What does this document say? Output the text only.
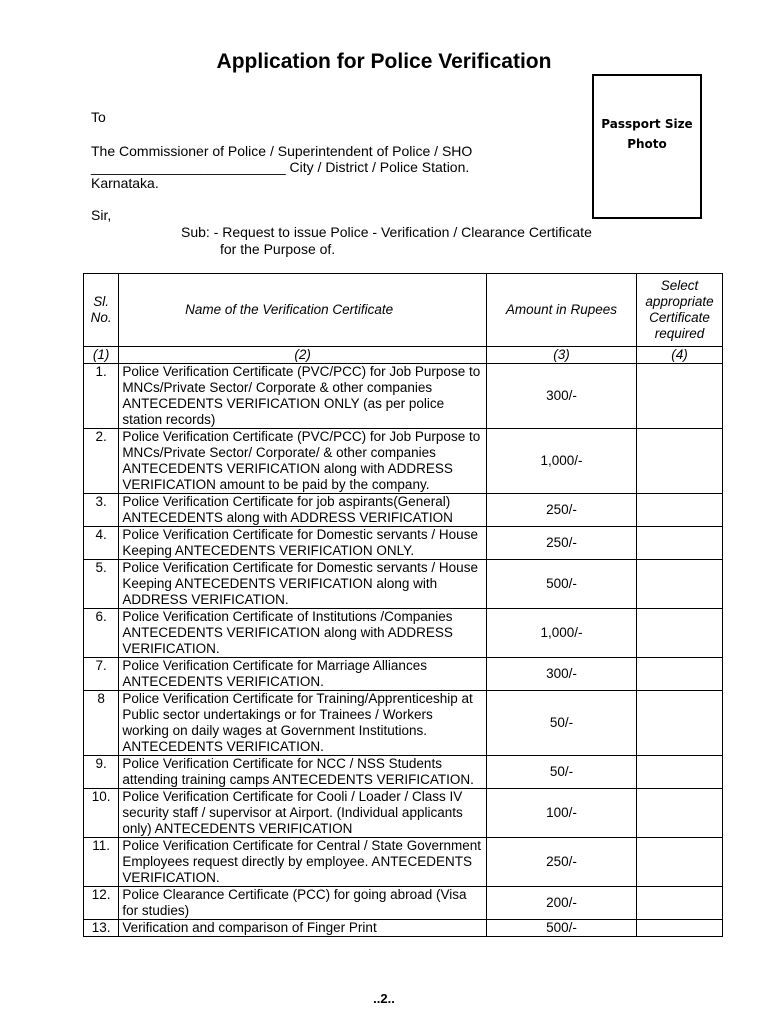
Application for Police Verification
Passport Size
Photo
To
The Commissioner of Police / Superintendent of Police / SHO
_________________________ City / District / Police Station.
Karnataka.
Sir,
Sub: - Request to issue Police - Verification / Clearance Certificate
for the Purpose of.
Sl. No.	Name of the Verification Certificate	Amount in Rupees	Select appropriate Certificate required
(1)	(2)	(3)	(4)
1.	Police Verification Certificate (PVC/PCC) for Job Purpose to MNCs/Private Sector/ Corporate & other companies ANTECEDENTS VERIFICATION ONLY (as per police station records)	300/-	
2.	Police Verification Certificate (PVC/PCC) for Job Purpose to MNCs/Private Sector/ Corporate/ & other companies ANTECEDENTS VERIFICATION along with ADDRESS VERIFICATION amount to be paid by the company.	1,000/-	
3.	Police Verification Certificate for job aspirants(General) ANTECEDENTS along with ADDRESS VERIFICATION	250/-	
4.	Police Verification Certificate for Domestic servants / House Keeping ANTECEDENTS VERIFICATION ONLY.	250/-	
5.	Police Verification Certificate for Domestic servants / House Keeping ANTECEDENTS VERIFICATION along with ADDRESS VERIFICATION.	500/-	
6.	Police Verification Certificate of Institutions /Companies ANTECEDENTS VERIFICATION along with ADDRESS VERIFICATION.	1,000/-	
7.	Police Verification Certificate for Marriage Alliances ANTECEDENTS VERIFICATION.	300/-	
8	Police Verification Certificate for Training/Apprenticeship at Public sector undertakings or for Trainees / Workers working on daily wages at Government Institutions. ANTECEDENTS VERIFICATION.	50/-	
9.	Police Verification Certificate for NCC / NSS Students attending training camps ANTECEDENTS VERIFICATION.	50/-	
10.	Police Verification Certificate for Cooli / Loader / Class IV security staff / supervisor at Airport. (Individual applicants only) ANTECEDENTS VERIFICATION	100/-	
11.	Police Verification Certificate for Central / State Government Employees request directly by employee. ANTECEDENTS VERIFICATION.	250/-	
12.	Police Clearance Certificate (PCC) for going abroad (Visa for studies)	200/-	
13.	Verification and comparison of Finger Print	500/-	
..2..
